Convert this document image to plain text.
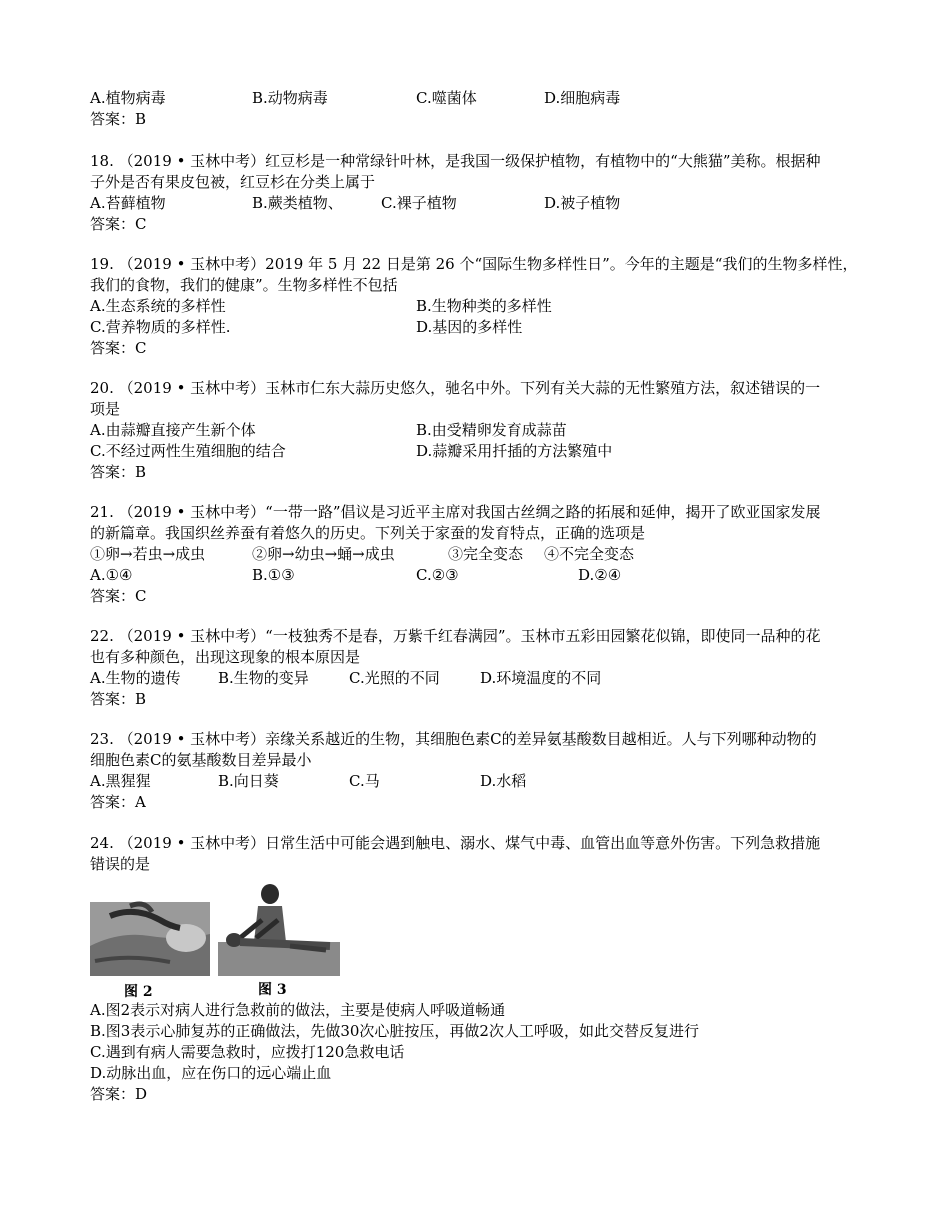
A.植物病毒	B.动物病毒	C.噬菌体	D.细胞病毒
答案：B
18. （2019 • 玉林中考）红豆杉是一种常绿针叶林，是我国一级保护植物，有植物中的“大熊猫”美称。根据种
子外是否有果皮包被，红豆杉在分类上属于
A.苔藓植物	B.蕨类植物、	C.裸子植物	D.被子植物
答案：C
19. （2019 • 玉林中考）2019 年 5 月 22 日是第 26 个“国际生物多样性日”。今年的主题是“我们的生物多样性，
我们的食物，我们的健康”。生物多样性不包括
A.生态系统的多样性	B.生物种类的多样性
C.营养物质的多样性.	D.基因的多样性
答案：C
20. （2019 • 玉林中考）玉林市仁东大蒜历史悠久，驰名中外。下列有关大蒜的无性繁殖方法，叙述错误的一
项是
A.由蒜瓣直接产生新个体	B.由受精卵发育成蒜苗
C.不经过两性生殖细胞的结合	D.蒜瓣采用扦插的方法繁殖中
答案：B
21. （2019 • 玉林中考）“一带一路”倡议是习近平主席对我国古丝绸之路的拓展和延伸，揭开了欧亚国家发展
的新篇章。我国织丝养蚕有着悠久的历史。下列关于家蚕的发育特点，正确的选项是
①卵→若虫→成虫	②卵→幼虫→蛹→成虫	③完全变态 ④不完全变态
A.①④	B.①③	C.②③	D.②④
答案：C
22. （2019 • 玉林中考）“一枝独秀不是春，万紫千红春满园”。玉林市五彩田园繁花似锦，即使同一品种的花
也有多种颜色，出现这现象的根本原因是
A.生物的遗传 B.生物的变异	C.光照的不同	D.环境温度的不同
答案：B
23. （2019 • 玉林中考）亲缘关系越近的生物，其细胞色素C的差异氨基酸数目越相近。人与下列哪种动物的
细胞色素C的氨基酸数目差异最小
A.黑猩猩	B.向日葵	C.马	D.水稻
答案：A
24. （2019 • 玉林中考）日常生活中可能会遇到触电、溺水、煤气中毒、血管出血等意外伤害。下列急救措施
错误的是
图 2	图 3
A.图2表示对病人进行急救前的做法，主要是使病人呼吸道畅通
B.图3表示心肺复苏的正确做法，先做30次心脏按压，再做2次人工呼吸，如此交替反复进行
C.遇到有病人需要急救时，应拨打120急救电话
D.动脉出血，应在伤口的远心端止血
答案：D
